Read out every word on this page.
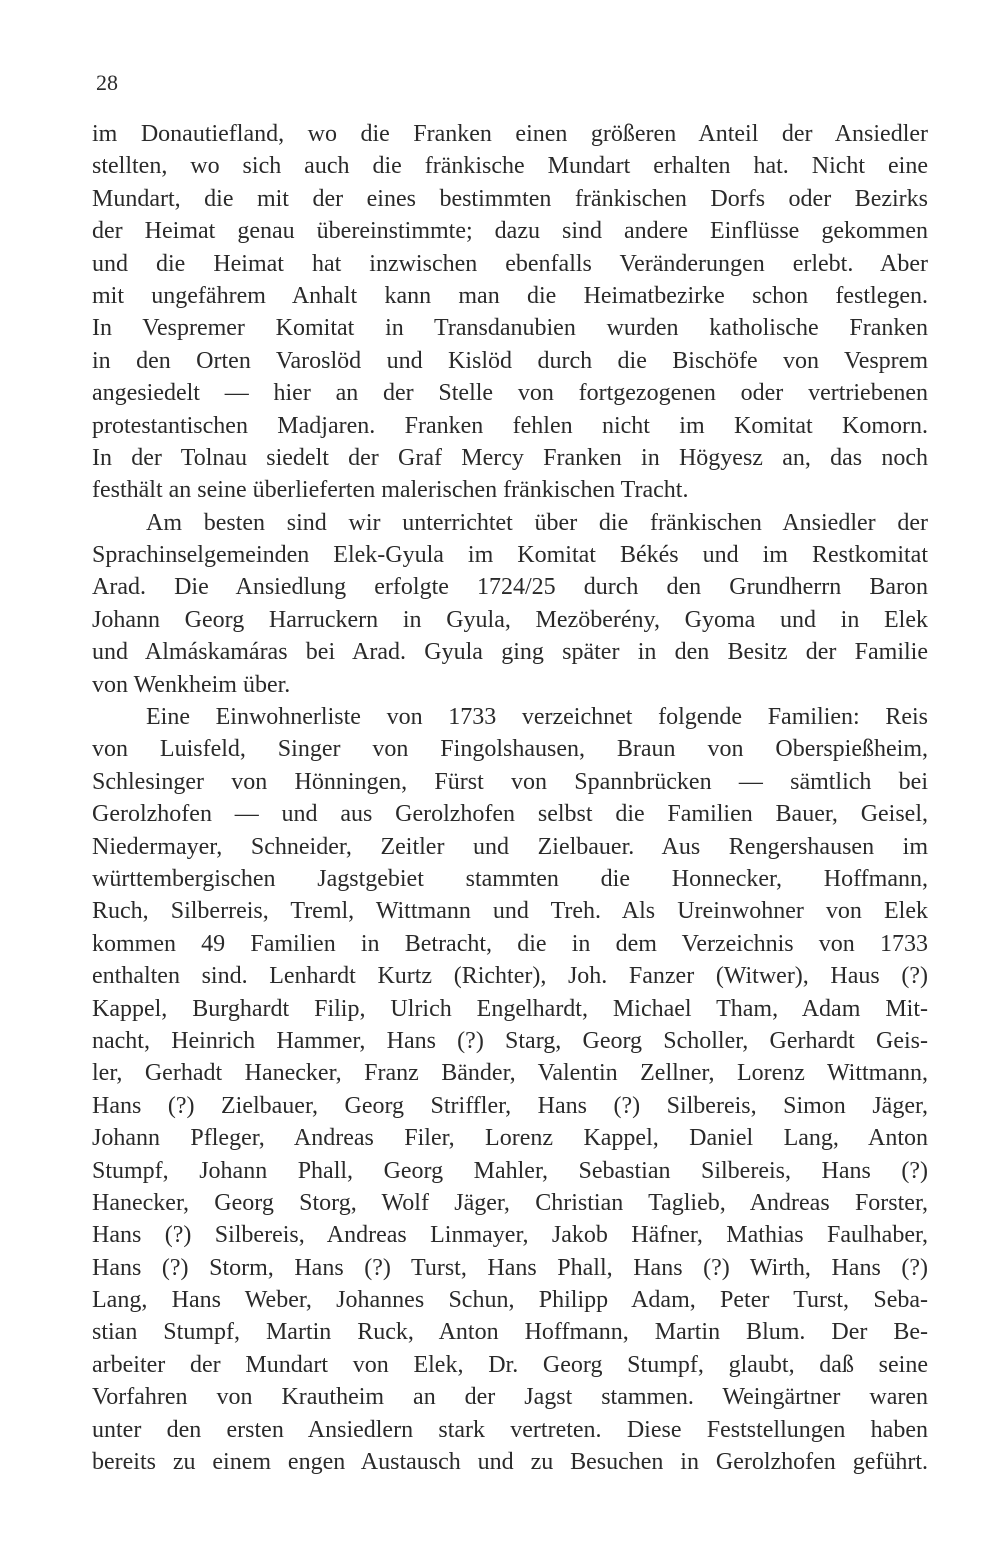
28
im Donautiefland, wo die Franken einen größeren Anteil der Ansiedler
stellten, wo sich auch die fränkische Mundart erhalten hat. Nicht eine
Mundart, die mit der eines bestimmten fränkischen Dorfs oder Bezirks
der Heimat genau übereinstimmte; dazu sind andere Einflüsse gekommen
und die Heimat hat inzwischen ebenfalls Veränderungen erlebt. Aber
mit ungefährem Anhalt kann man die Heimatbezirke schon festlegen.
In Vespremer Komitat in Transdanubien wurden katholische Franken
in den Orten Varoslöd und Kislöd durch die Bischöfe von Vesprem
angesiedelt — hier an der Stelle von fortgezogenen oder vertriebenen
protestantischen Madjaren. Franken fehlen nicht im Komitat Komorn.
In der Tolnau siedelt der Graf Mercy Franken in Högyesz an, das noch
festhält an seine überlieferten malerischen fränkischen Tracht.
Am besten sind wir unterrichtet über die fränkischen Ansiedler der
Sprachinselgemeinden Elek-Gyula im Komitat Békés und im Restkomitat
Arad. Die Ansiedlung erfolgte 1724/25 durch den Grundherrn Baron
Johann Georg Harruckern in Gyula, Mezöberény, Gyoma und in Elek
und Almáskamáras bei Arad. Gyula ging später in den Besitz der Familie
von Wenkheim über.
Eine Einwohnerliste von 1733 verzeichnet folgende Familien: Reis
von Luisfeld, Singer von Fingolshausen, Braun von Oberspießheim,
Schlesinger von Hönningen, Fürst von Spannbrücken — sämtlich bei
Gerolzhofen — und aus Gerolzhofen selbst die Familien Bauer, Geisel,
Niedermayer, Schneider, Zeitler und Zielbauer. Aus Rengershausen im
württembergischen Jagstgebiet stammten die Honnecker, Hoffmann,
Ruch, Silberreis, Treml, Wittmann und Treh. Als Ureinwohner von Elek
kommen 49 Familien in Betracht, die in dem Verzeichnis von 1733
enthalten sind. Lenhardt Kurtz (Richter), Joh. Fanzer (Witwer), Haus (?)
Kappel, Burghardt Filip, Ulrich Engelhardt, Michael Tham, Adam Mit-
nacht, Heinrich Hammer, Hans (?) Starg, Georg Scholler, Gerhardt Geis-
ler, Gerhadt Hanecker, Franz Bänder, Valentin Zellner, Lorenz Wittmann,
Hans (?) Zielbauer, Georg Striffler, Hans (?) Silbereis, Simon Jäger,
Johann Pfleger, Andreas Filer, Lorenz Kappel, Daniel Lang, Anton
Stumpf, Johann Phall, Georg Mahler, Sebastian Silbereis, Hans (?)
Hanecker, Georg Storg, Wolf Jäger, Christian Taglieb, Andreas Forster,
Hans (?) Silbereis, Andreas Linmayer, Jakob Häfner, Mathias Faulhaber,
Hans (?) Storm, Hans (?) Turst, Hans Phall, Hans (?) Wirth, Hans (?)
Lang, Hans Weber, Johannes Schun, Philipp Adam, Peter Turst, Seba-
stian Stumpf, Martin Ruck, Anton Hoffmann, Martin Blum. Der Be-
arbeiter der Mundart von Elek, Dr. Georg Stumpf, glaubt, daß seine
Vorfahren von Krautheim an der Jagst stammen. Weingärtner waren
unter den ersten Ansiedlern stark vertreten. Diese Feststellungen haben
bereits zu einem engen Austausch und zu Besuchen in Gerolzhofen geführt.
